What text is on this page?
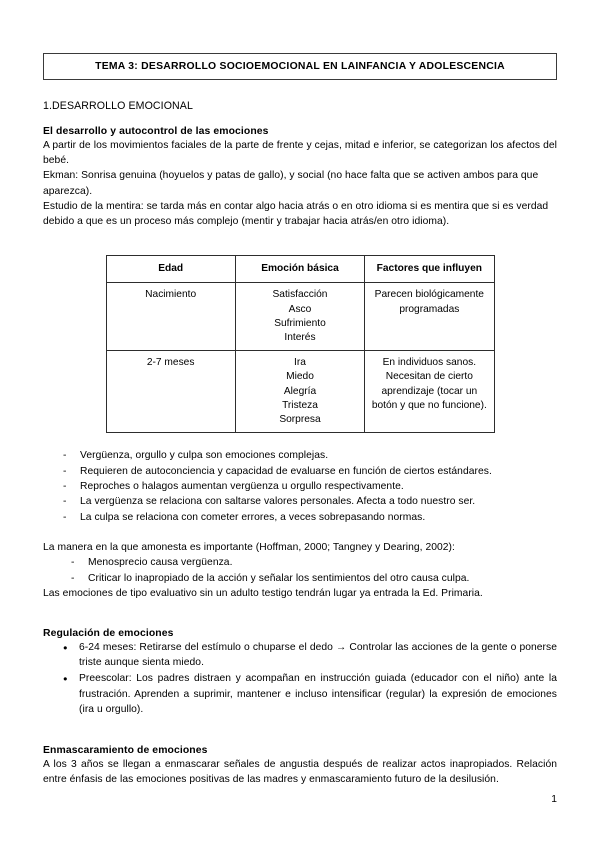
TEMA 3: DESARROLLO SOCIOEMOCIONAL EN LAINFANCIA Y ADOLESCENCIA
1.DESARROLLO EMOCIONAL
El desarrollo y autocontrol de las emociones

A partir de los movimientos faciales de la parte de frente y cejas, mitad e inferior, se categorizan los afectos del bebé.

Ekman: Sonrisa genuina (hoyuelos y patas de gallo), y social (no hace falta que se activen ambos para que aparezca).

Estudio de la mentira: se tarda más en contar algo hacia atrás o en otro idioma si es mentira que si es verdad debido a que es un proceso más complejo (mentir y trabajar hacia atrás/en otro idioma).

Edad	Emoción básica	Factores que influyen
Nacimiento	Satisfacción
Asco
Sufrimiento
Interés	Parecen biológicamente programadas

2-7 meses	Ira
Miedo
Alegría
Tristeza
Sorpresa	En individuos sanos. Necesitan de cierto aprendizaje (tocar un botón y que no funcione).
- Vergüenza, orgullo y culpa son emociones complejas.
- Requieren de autoconciencia y capacidad de evaluarse en función de ciertos estándares.
- Reproches o halagos aumentan vergüenza u orgullo respectivamente.
- La vergüenza se relaciona con saltarse valores personales. Afecta a todo nuestro ser.
- La culpa se relaciona con cometer errores, a veces sobrepasando normas.

La manera en la que amonesta es importante (Hoffman, 2000; Tangney y Dearing, 2002):

- Menosprecio causa vergüenza.
- Criticar lo inapropiado de la acción y señalar los sentimientos del otro causa culpa.

Las emociones de tipo evaluativo sin un adulto testigo tendrán lugar ya entrada la Ed. Primaria.

Regulación de emociones
● 6-24 meses: Retirarse del estímulo o chuparse el dedo → Controlar las acciones de la gente o ponerse triste aunque sienta miedo.
● Preescolar: Los padres distraen y acompañan en instrucción guiada (educador con el niño) ante la frustración. Aprenden a suprimir, mantener e incluso intensificar (regular) la expresión de emociones (ira u orgullo).
Enmascaramiento de emociones

A los 3 años se llegan a enmascarar señales de angustia después de realizar actos inapropiados. Relación entre énfasis de las emociones positivas de las madres y enmascaramiento futuro de la desilusión.

1
